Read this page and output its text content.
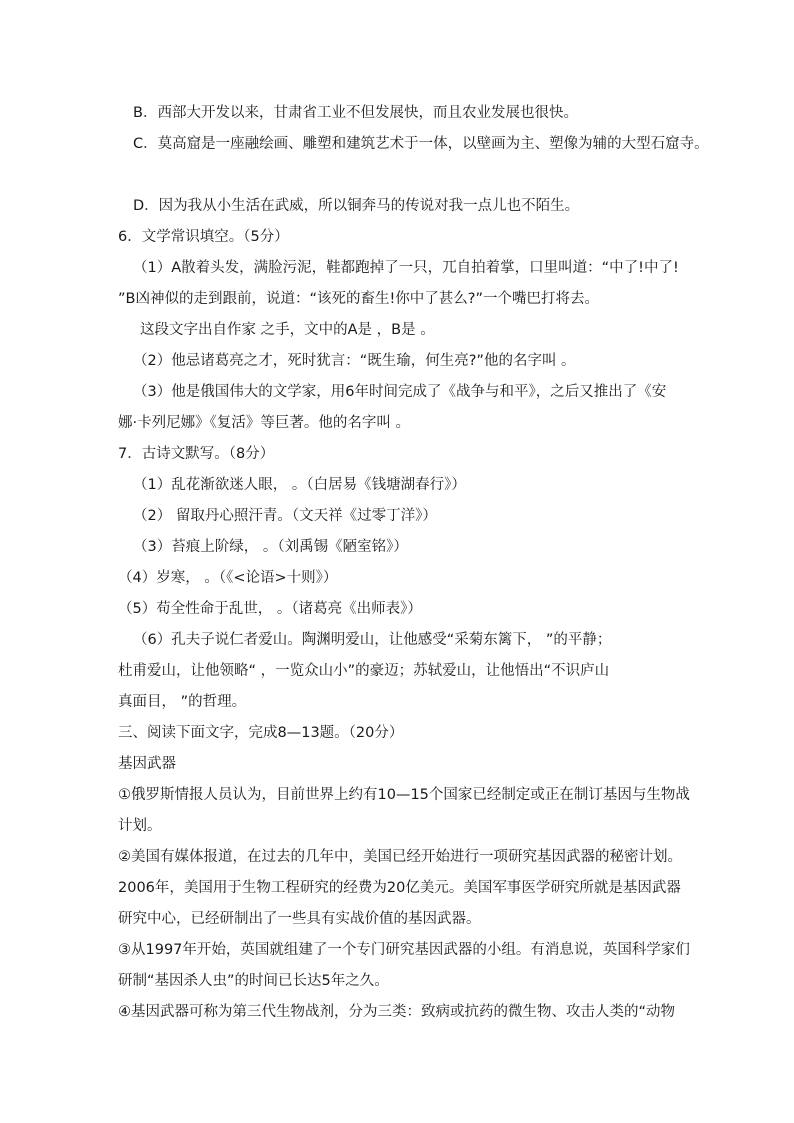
B．西部大开发以来，甘肃省工业不但发展快，而且农业发展也很快。
C．莫高窟是一座融绘画、雕塑和建筑艺术于一体，以壁画为主、塑像为辅的大型石窟寺。
D．因为我从小生活在武威，所以铜奔马的传说对我一点儿也不陌生。
6．文学常识填空。（5分）
（1）A散着头发，满脸污泥，鞋都跑掉了一只，兀自拍着掌，口里叫道：“中了!中了!
”B凶神似的走到跟前，说道：“该死的畜生!你中了甚么?”一个嘴巴打将去。
这段文字出自作家 之手，文中的A是 ，B是 。
（2）他忌诸葛亮之才，死时犹言：“既生瑜，何生亮?”他的名字叫 。
（3）他是俄国伟大的文学家，用6年时间完成了《战争与和平》，之后又推出了《安
娜·卡列尼娜》《复活》等巨著。他的名字叫 。
7．古诗文默写。（8分）
（1）乱花渐欲迷人眼， 。（白居易《钱塘湖春行》）
（2） 留取丹心照汗青。（文天祥《过零丁洋》）
（3）苔痕上阶绿， 。（刘禹锡《陋室铭》）
（4）岁寒， 。（《<论语>十则》）
（5）苟全性命于乱世， 。（诸葛亮《出师表》）
（6）孔夫子说仁者爱山。陶渊明爱山，让他感受“采菊东篱下， ”的平静；
杜甫爱山，让他领略“ ，一览众山小”的豪迈；苏轼爱山，让他悟出“不识庐山
真面目， ”的哲理。
三、阅读下面文字，完成8—13题。（20分）
基因武器
①俄罗斯情报人员认为，目前世界上约有10—15个国家已经制定或正在制订基因与生物战
计划。
②美国有媒体报道，在过去的几年中，美国已经开始进行一项研究基因武器的秘密计划。
2006年，美国用于生物工程研究的经费为20亿美元。美国军事医学研究所就是基因武器
研究中心，已经研制出了一些具有实战价值的基因武器。
③从1997年开始，英国就组建了一个专门研究基因武器的小组。有消息说，英国科学家们
研制“基因杀人虫”的时间已长达5年之久。
④基因武器可称为第三代生物战剂，分为三类：致病或抗药的微生物、攻击人类的“动物
